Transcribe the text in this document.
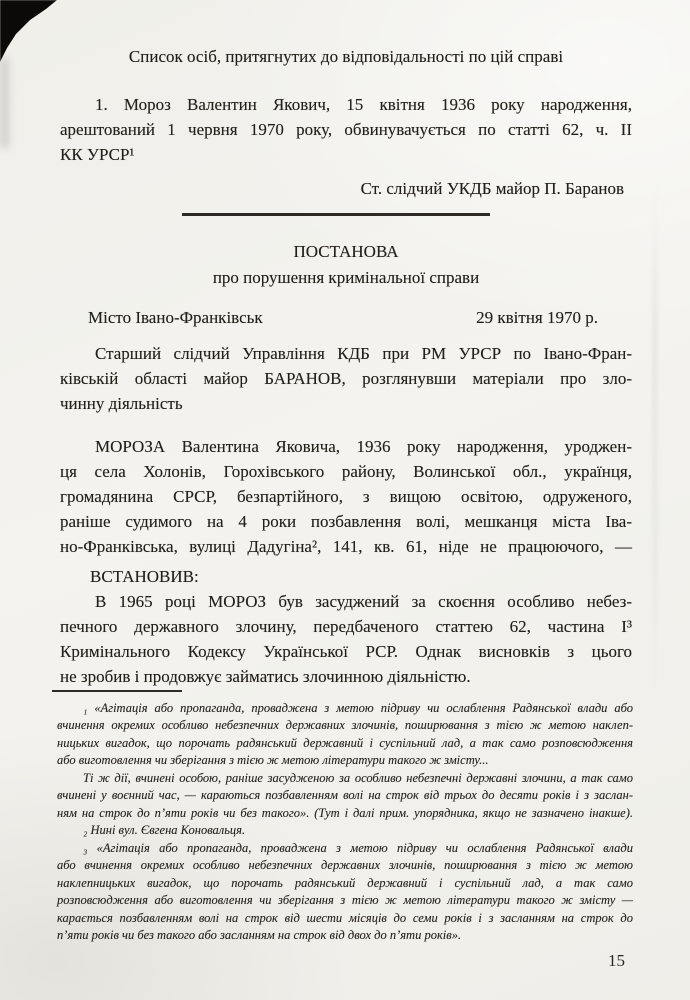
Список осіб, притягнутих до відповідальності по цій справі
1. Мороз Валентин Якович, 15 квітня 1936 року народження,
арештований 1 червня 1970 року, обвинувачується по статті 62, ч. ІІ
КК УРСР¹
Ст. слідчий УКДБ майор П. Баранов
ПОСТАНОВА
про порушення кримінальної справи
Місто Івано-Франківськ	29 квітня 1970 р.
Старший слідчий Управління КДБ при РМ УРСР по Івано-Фран-
ківській області майор БАРАНОВ, розглянувши матеріали про зло-
чинну діяльність
МОРОЗА Валентина Яковича, 1936 року народження, уроджен-
ця села Холонів, Горохівського району, Волинської обл., українця,
громадянина СРСР, безпартійного, з вищою освітою, одруженого,
раніше судимого на 4 роки позбавлення волі, мешканця міста Іва-
но-Франківська, вулиці Дадугіна², 141, кв. 61, ніде не працюючого, —
ВСТАНОВИВ:
В 1965 році МОРОЗ був засуджений за скоєння особливо небез-
печного державного злочину, передбаченого статтею 62, частина І³
Кримінального Кодексу Української РСР. Однак висновків з цього
не зробив і продовжує займатись злочинною діяльністю.
₁ «Агітація або пропаганда, проваджена з метою підриву чи ослаблення Радянської влади або
вчинення окремих особливо небезпечних державних злочинів, поширювання з тією ж метою наклеп-
ницьких вигадок, що порочать радянський державний і суспільний лад, а так само розповсюдження
або виготовлення чи зберігання з тією ж метою літератури такого ж змісту...
Ті ж дії, вчинені особою, раніше засудженою за особливо небезпечні державні злочини, а так само
вчинені у воєнний час, — караються позбавленням волі на строк від трьох до десяти років і з заслан-
ням на строк до п’яти років чи без такого». (Тут і далі прим. упорядника, якщо не зазначено інакше).
₂ Нині вул. Євгена Коновальця.
₃ «Агітація або пропаганда, проваджена з метою підриву чи ослаблення Радянської влади
або вчинення окремих особливо небезпечних державних злочинів, поширювання з тією ж метою
наклепницьких вигадок, що порочать радянський державний і суспільний лад, а так само
розповсюдження або виготовлення чи зберігання з тією ж метою літератури такого ж змісту —
карається позбавленням волі на строк від шести місяців до семи років і з засланням на строк до
п’яти років чи без такого або засланням на строк від двох до п’яти років».
15
